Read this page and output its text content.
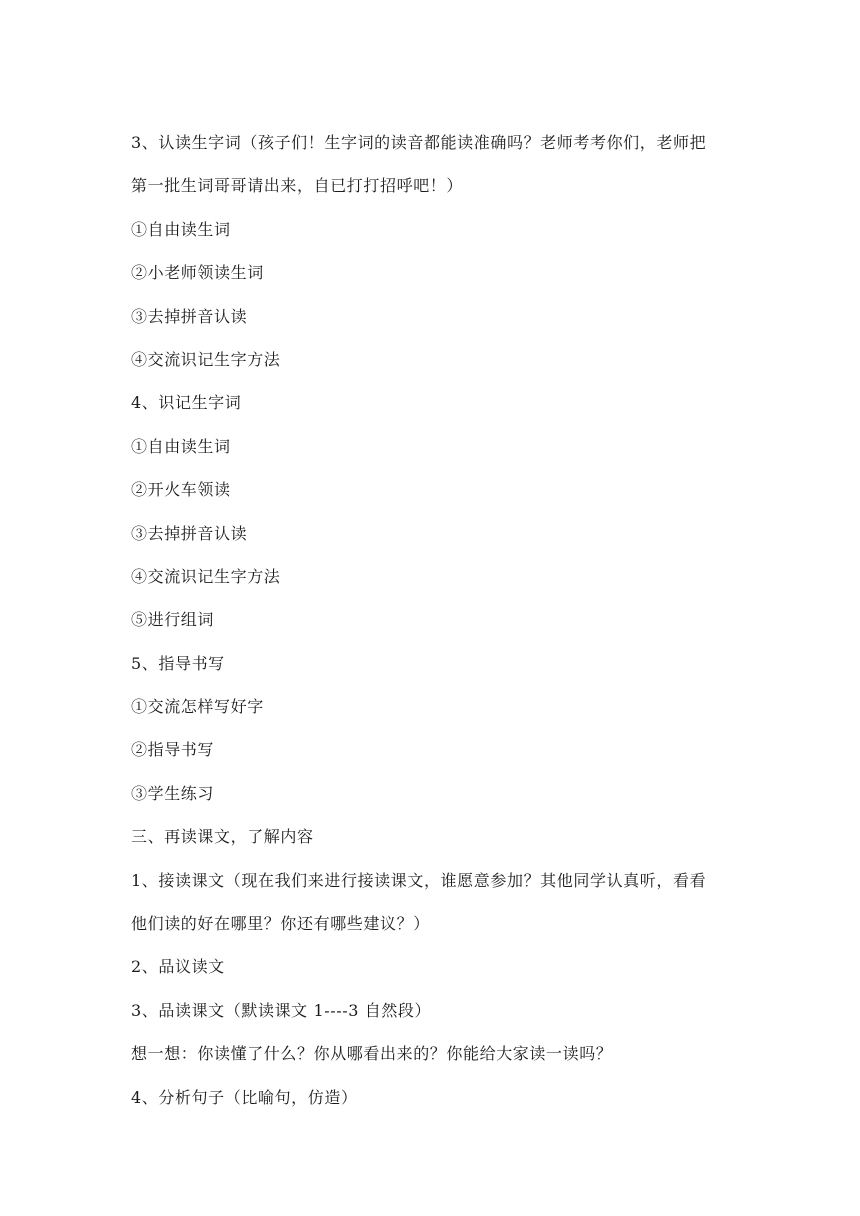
3、认读生字词（孩子们！生字词的读音都能读准确吗？老师考考你们，老师把
第一批生词哥哥请出来，自已打打招呼吧！）
①自由读生词
②小老师领读生词
③去掉拼音认读
④交流识记生字方法
4、识记生字词
①自由读生词
②开火车领读
③去掉拼音认读
④交流识记生字方法
⑤进行组词
5、指导书写
①交流怎样写好字
②指导书写
③学生练习
三、再读课文，了解内容
1、接读课文（现在我们来进行接读课文，谁愿意参加？其他同学认真听，看看
他们读的好在哪里？你还有哪些建议？）
2、品议读文
3、品读课文（默读课文 1----3 自然段）
想一想：你读懂了什么？你从哪看出来的？你能给大家读一读吗？
4、分析句子（比喻句，仿造）
